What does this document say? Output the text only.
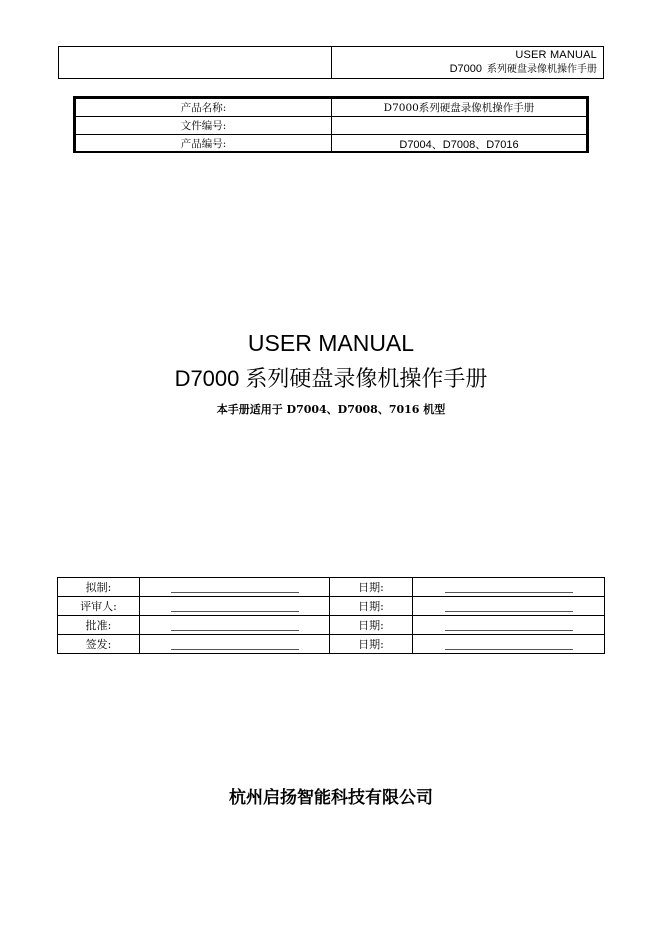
USER MANUAL
D7000 系列硬盘录像机操作手册
产品名称:	D7000系列硬盘录像机操作手册
文件编号:	
产品编号:	D7004、D7008、D7016
USER MANUAL
D7000 系列硬盘录像机操作手册
本手册适用于 D7004、D7008、7016 机型
拟制:		日期:	
评审人:		日期:	
批准:		日期:	
签发:		日期:	
杭州启扬智能科技有限公司
